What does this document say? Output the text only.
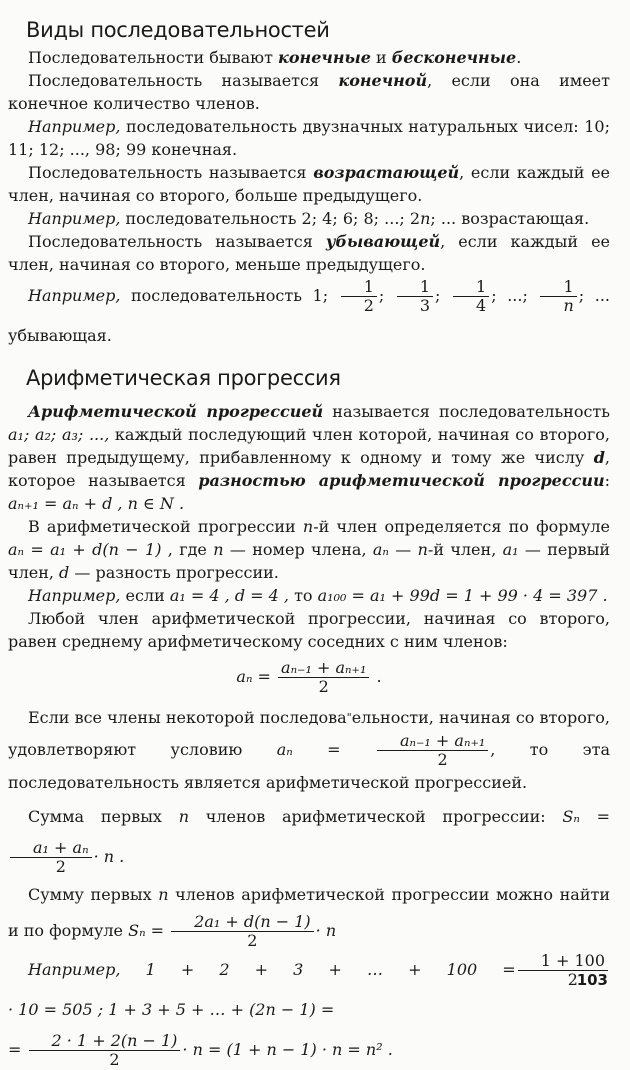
Виды последовательностей

Последовательности бывают конечные и бесконечные.

Последовательность называется конечной, если она имеет конечное количество членов.

Например, последовательность двузначных натуральных чисел: 10; 11; 12; ..., 98; 99 конечная.

Последовательность называется возрастающей, если каждый ее член, начиная со второго, больше предыдущего.

Например, последовательность 2; 4; 6; 8; ...; 2n; ... возрастающая.

Последовательность называется убывающей, если каждый ее член, начиная со второго, меньше предыдущего.

Например, последовательность 1; $\frac{1}{2}$ ; $\frac{1}{3}$ ; $\frac{1}{4}$ ; ...; $\frac{1}{n}$ ; ... убывающая.

Арифметическая прогрессия

Арифметической прогрессией называется последовательность a₁; a₂; a₃; ..., каждый последующий член которой, начиная со второго, равен предыдущему, прибавленному к одному и тому же числу d, которое называется разностью арифметической прогрессии: aₙ₊₁ = aₙ + d , n ∈ N .

В арифметической прогрессии n-й член определяется по формуле aₙ = a₁ + d(n − 1) , где n — номер члена, aₙ — n-й член, a₁ — первый член, d — разность прогрессии.

Например, если a₁ = 4 , d = 4 , то a₁₀₀ = a₁ + 99d = 1 + 99 · 4 = 397 .

Любой член арифметической прогрессии, начиная со второго, равен среднему арифметическому соседних с ним членов:

$a_n = \frac{\text{aₙ₋₁ + aₙ₊₁}}{2}$ .

Если все члены некоторой последова"ельности, начиная со второго, удовлетворяют условию $a_n = \frac{\text{aₙ₋₁ + aₙ₊₁}}{2}$ , то эта последовательность является арифметической прогрессией.

Сумма первых n членов арифметической прогрессии: Sₙ =
$\frac{\text{a₁ + aₙ}}{2} \cdot n$ .

Сумму первых n членов арифметической прогрессии можно найти и по формуле $S_n = \frac{\text{2a₁ + d(n − 1)}}{2} \cdot n$

Например, 1 + 2 + 3 + … + $100 = \frac{1 + 100}{2}$
· 10 = 505 ; 1 + 3 + 5 + … + (2n − 1) =
= $\frac{2 \cdot 1 + 2(n - 1)}{2} \cdot n = (1 + n - 1) \cdot n = n^2$ .

103
